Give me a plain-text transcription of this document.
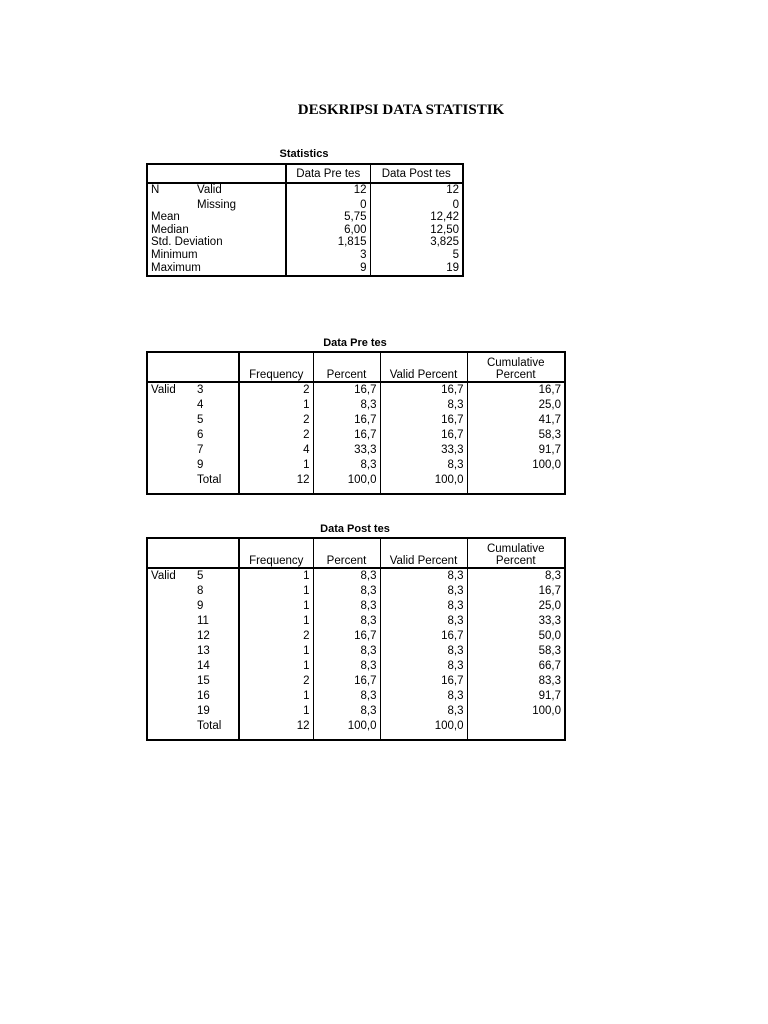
DESKRIPSI DATA STATISTIK
Statistics
		Data Pre tes	Data Post tes
N	Valid	12	12
	Missing	0	0
Mean		5,75	12,42
Median		6,00	12,50
Std. Deviation		1,815	3,825
Minimum		3	5
Maximum		9	19
Data Pre tes
		Frequency	Percent	Valid Percent	Cumulative
Percent

Valid	3	2	16,7	16,7	16,7
	4	1	8,3	8,3	25,0
	5	2	16,7	16,7	41,7
	6	2	16,7	16,7	58,3
	7	4	33,3	33,3	91,7
	9	1	8,3	8,3	100,0
	Total	12	100,0	100,0	
Data Post tes
		Frequency	Percent	Valid Percent	Cumulative
Percent

Valid	5	1	8,3	8,3	8,3
	8	1	8,3	8,3	16,7
	9	1	8,3	8,3	25,0
	11	1	8,3	8,3	33,3
	12	2	16,7	16,7	50,0
	13	1	8,3	8,3	58,3
	14	1	8,3	8,3	66,7
	15	2	16,7	16,7	83,3
	16	1	8,3	8,3	91,7
	19	1	8,3	8,3	100,0
	Total	12	100,0	100,0	
